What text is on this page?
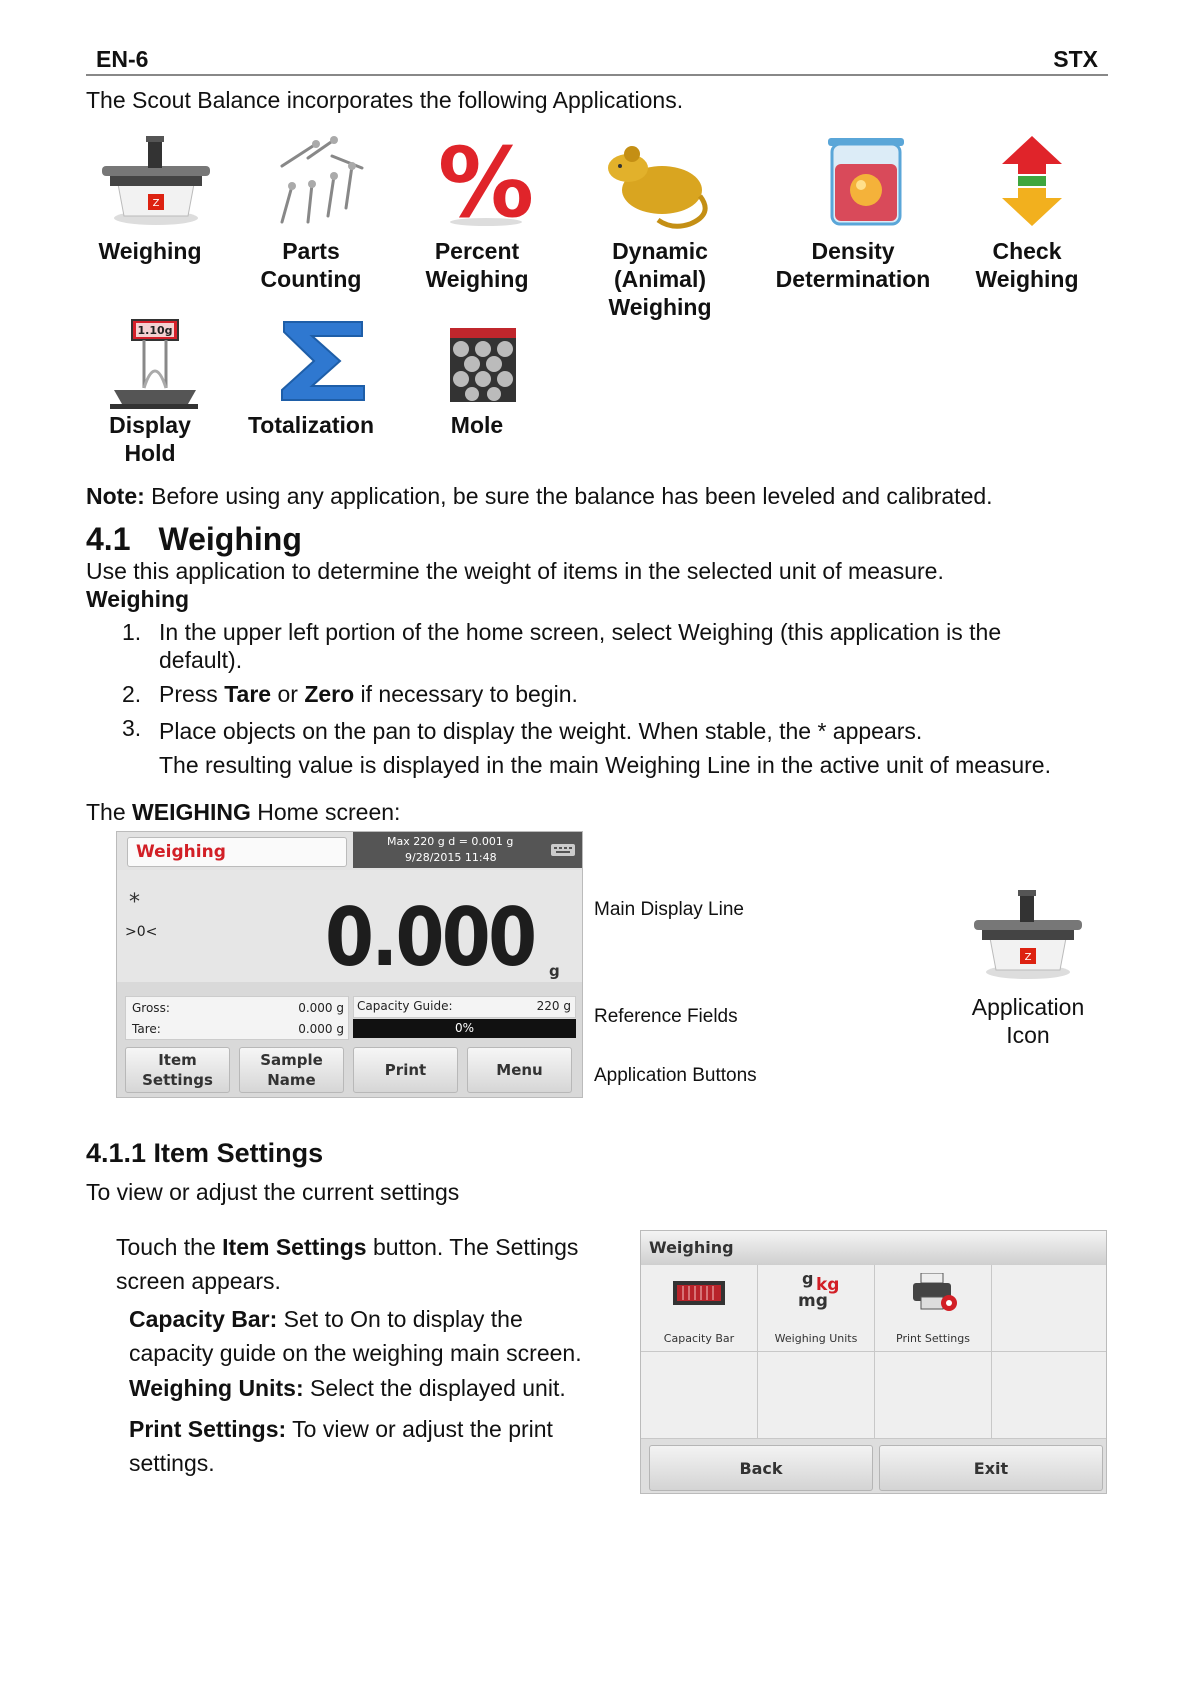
EN-6	STX
The Scout Balance incorporates the following Applications.
Z	%
Weighing	Parts
Counting
Percent
Weighing
Dynamic
(Animal)
Weighing
Density
Determination
Check
Weighing
1.10g
Display
Hold
Totalization	Mole
Note: Before using any application, be sure the balance has been leveled and calibrated.
4.1 Weighing
Use this application to determine the weight of items in the selected unit of measure.
Weighing
1. In the upper left portion of the home screen, select Weighing (this application is the
default).
2. Press Tare or Zero if necessary to begin.
3. Place objects on the pan to display the weight. When stable, the * appears.
The resulting value is displayed in the main Weighing Line in the active unit of measure.
The WEIGHING Home screen:
Weighing
Max 220 g d = 0.001 g
9/28/2015 11:48
*
>0< 0.000 g
Gross:	0.000 g
Tare:	0.000 g
Capacity Guide:	220 g
0%
Item
Settings
Sample
Name
Print	Menu
Main Display Line
Reference Fields
Application Buttons
Z
Application
Icon
4.1.1 Item Settings
To view or adjust the current settings
Touch the Item Settings button. The Settings
screen appears.
Capacity Bar: Set to On to display the
capacity guide on the weighing main screen.
Weighing Units: Select the displayed unit.
Print Settings: To view or adjust the print
settings.
Weighing
Capacity Bar
g kg
mg
Weighing Units	Print Settings
Back	Exit
